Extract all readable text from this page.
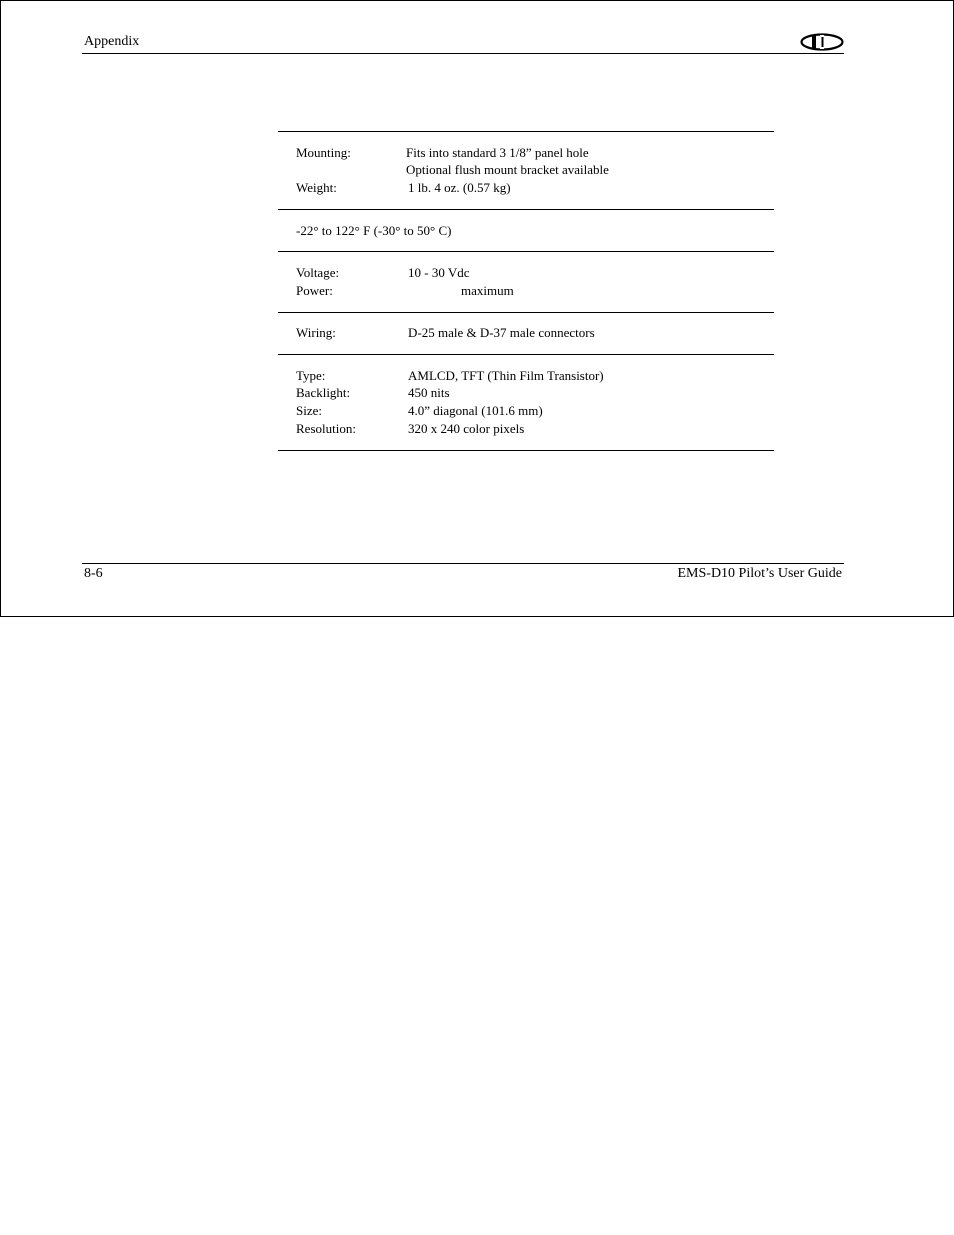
Appendix
Mounting:	Fits into standard 3 1/8” panel hole
Optional flush mount bracket available
Weight:	1 lb. 4 oz. (0.57 kg)
-22° to 122° F (-30° to 50° C)
Voltage:	10 - 30 Vdc
Power:	maximum
Wiring:	D-25 male & D-37 male connectors
Type:	AMLCD, TFT (Thin Film Transistor)
Backlight:	450 nits
Size:	4.0” diagonal (101.6 mm)
Resolution:	320 x 240 color pixels
8-6	EMS-D10 Pilot’s User Guide
